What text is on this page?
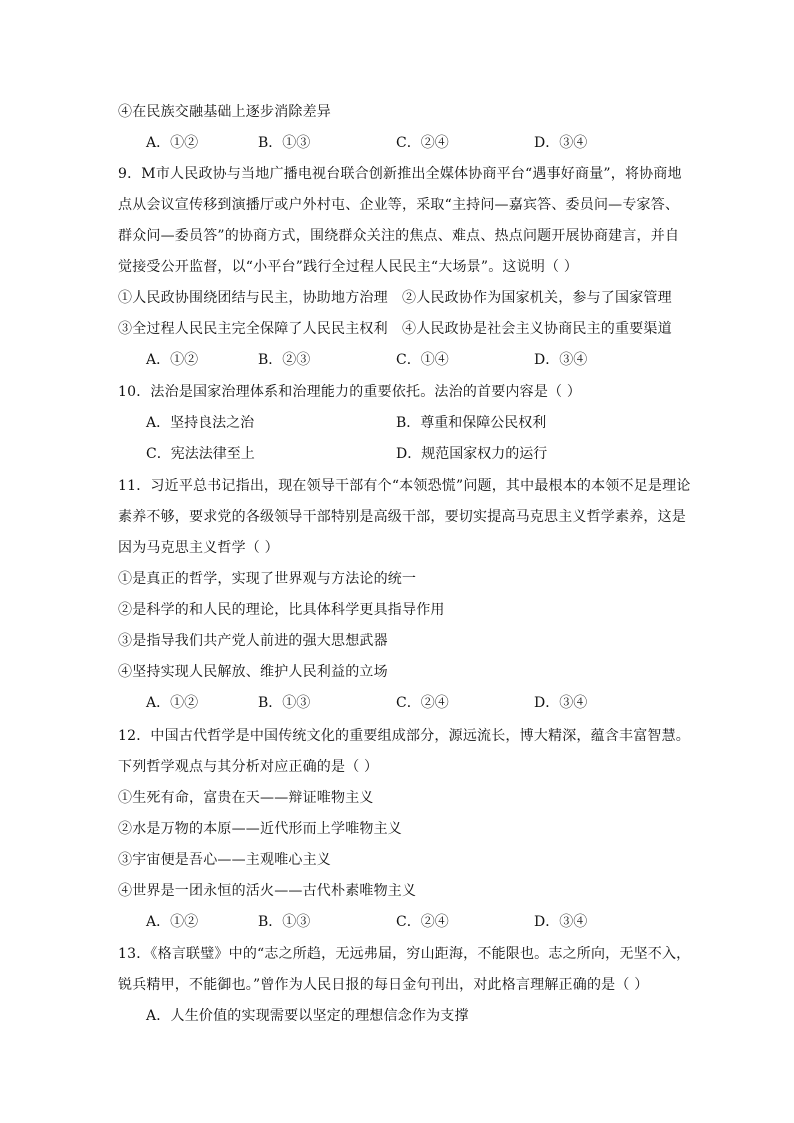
④在民族交融基础上逐步消除差异
A．①②	B．①③	C．②④	D．③④
9．M市人民政协与当地广播电视台联合创新推出全媒体协商平台“遇事好商量”，将协商地
点从会议宣传移到演播厅或户外村屯、企业等，采取“主持问—嘉宾答、委员问—专家答、
群众问—委员答”的协商方式，围绕群众关注的焦点、难点、热点问题开展协商建言，并自
觉接受公开监督，以“小平台”践行全过程人民民主“大场景”。这说明（ ）
①人民政协围绕团结与民主，协助地方治理　②人民政协作为国家机关，参与了国家管理
③全过程人民民主完全保障了人民民主权利　④人民政协是社会主义协商民主的重要渠道
A．①②	B．②③	C．①④	D．③④
10．法治是国家治理体系和治理能力的重要依托。法治的首要内容是（ ）
A．坚持良法之治	B．尊重和保障公民权利
C．宪法法律至上	D．规范国家权力的运行
11．习近平总书记指出，现在领导干部有个“本领恐慌”问题，其中最根本的本领不足是理论
素养不够，要求党的各级领导干部特别是高级干部，要切实提高马克思主义哲学素养，这是
因为马克思主义哲学（ ）
①是真正的哲学，实现了世界观与方法论的统一
②是科学的和人民的理论，比具体科学更具指导作用
③是指导我们共产党人前进的强大思想武器
④坚持实现人民解放、维护人民利益的立场
A．①②	B．①③	C．②④	D．③④
12．中国古代哲学是中国传统文化的重要组成部分，源远流长，博大精深，蕴含丰富智慧。
下列哲学观点与其分析对应正确的是（ ）
①生死有命，富贵在天——辩证唯物主义
②水是万物的本原——近代形而上学唯物主义
③宇宙便是吾心——主观唯心主义
④世界是一团永恒的活火——古代朴素唯物主义
A．①②	B．①③	C．②④	D．③④
13．《格言联璧》中的“志之所趋，无远弗届，穷山距海，不能限也。志之所向，无坚不入，
锐兵精甲，不能御也。”曾作为人民日报的每日金句刊出，对此格言理解正确的是（ ）
A．人生价值的实现需要以坚定的理想信念作为支撑
